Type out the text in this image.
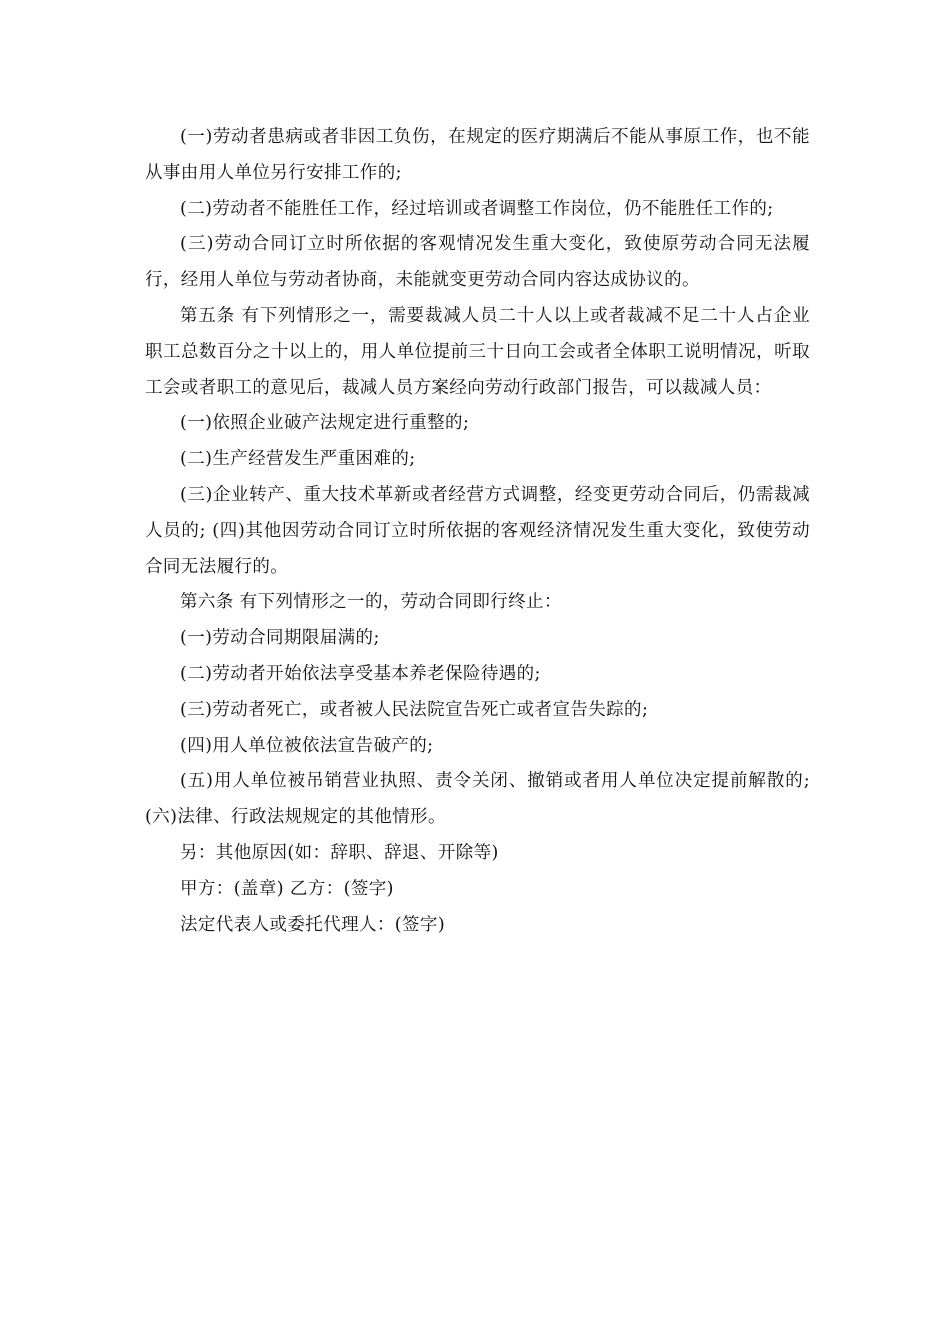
(一)劳动者患病或者非因工负伤，在规定的医疗期满后不能从事原工作，也不能从事由用人单位另行安排工作的;

(二)劳动者不能胜任工作，经过培训或者调整工作岗位，仍不能胜任工作的;

(三)劳动合同订立时所依据的客观情况发生重大变化，致使原劳动合同无法履行，经用人单位与劳动者协商，未能就变更劳动合同内容达成协议的。

第五条 有下列情形之一，需要裁减人员二十人以上或者裁减不足二十人占企业职工总数百分之十以上的，用人单位提前三十日向工会或者全体职工说明情况，听取工会或者职工的意见后，裁减人员方案经向劳动行政部门报告，可以裁减人员：

(一)依照企业破产法规定进行重整的;

(二)生产经营发生严重困难的;

(三)企业转产、重大技术革新或者经营方式调整，经变更劳动合同后，仍需裁减人员的; (四)其他因劳动合同订立时所依据的客观经济情况发生重大变化，致使劳动合同无法履行的。

第六条 有下列情形之一的，劳动合同即行终止：

(一)劳动合同期限届满的;

(二)劳动者开始依法享受基本养老保险待遇的;

(三)劳动者死亡，或者被人民法院宣告死亡或者宣告失踪的;

(四)用人单位被依法宣告破产的;

(五)用人单位被吊销营业执照、责令关闭、撤销或者用人单位决定提前解散的; (六)法律、行政法规规定的其他情形。

另：其他原因(如：辞职、辞退、开除等)

甲方：(盖章) 乙方：(签字)

法定代表人或委托代理人：(签字)
